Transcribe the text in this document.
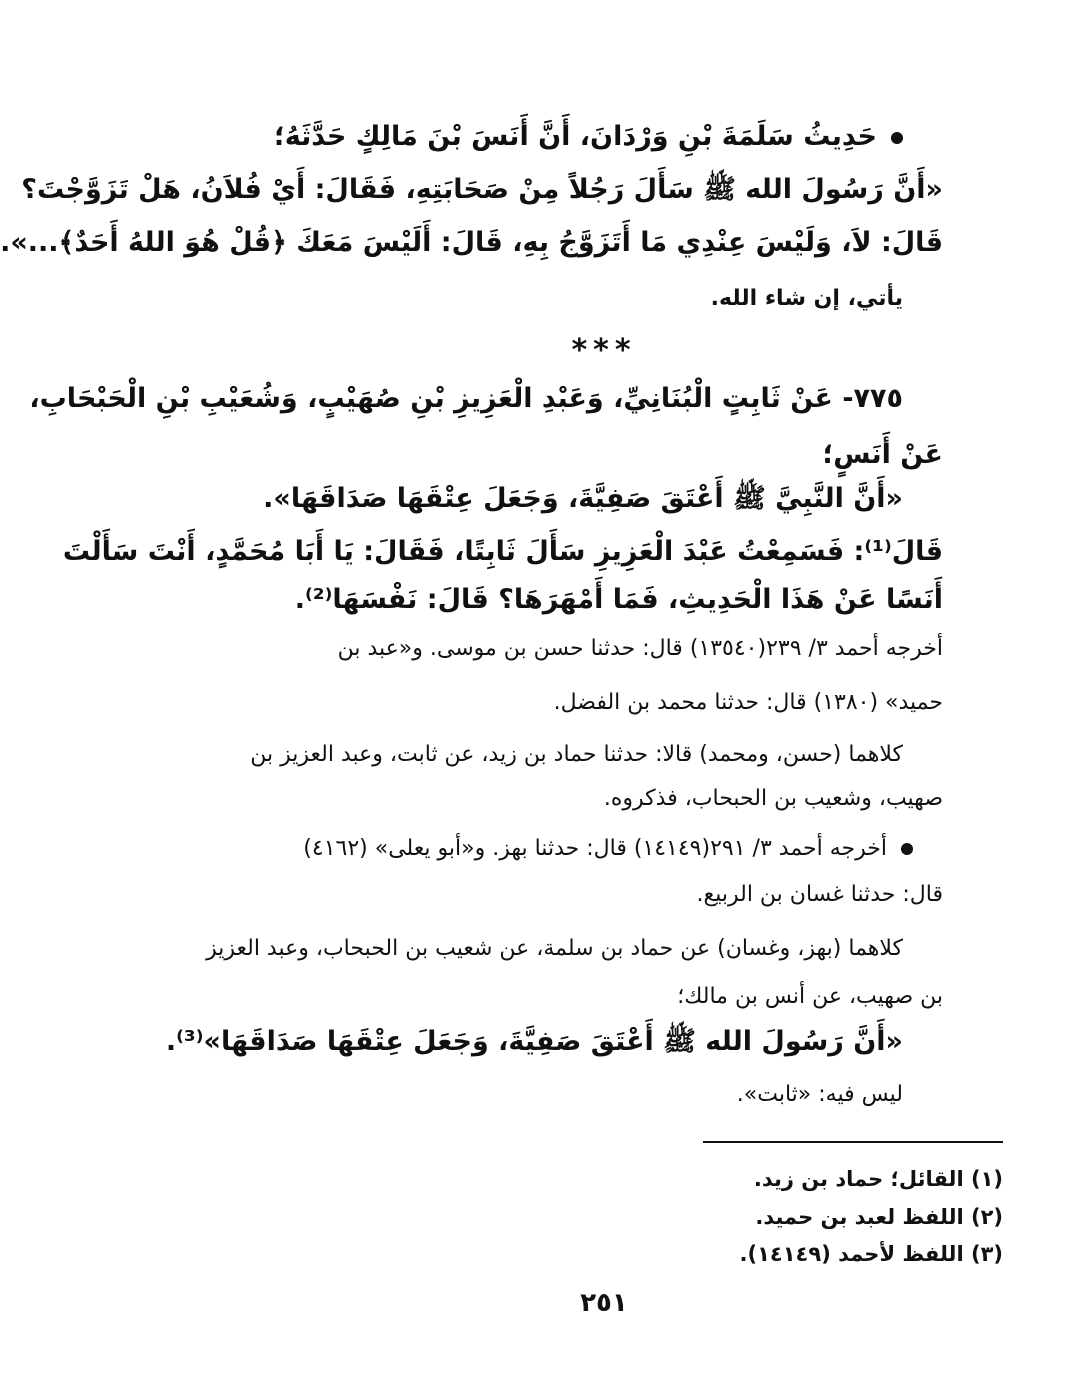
حَدِيثُ سَلَمَةَ بْنِ وَرْدَانَ، أَنَّ أَنَسَ بْنَ مَالِكٍ حَدَّثَهُ؛
«أَنَّ رَسُولَ الله ﷺ سَأَلَ رَجُلاً مِنْ صَحَابَتِهِ، فَقَالَ: أَيْ فُلاَنُ، هَلْ تَزَوَّجْتَ؟
قَالَ: لاَ، وَلَيْسَ عِنْدِي مَا أَتَزَوَّجُ بِهِ، قَالَ: أَلَيْسَ مَعَكَ ﴿قُلْ هُوَ اللهُ أَحَدٌ﴾...».
يأتي، إن شاء الله.
***
٧٧٥- عَنْ ثَابِتٍ الْبُنَانِيِّ، وَعَبْدِ الْعَزِيزِ بْنِ صُهَيْبٍ، وَشُعَيْبِ بْنِ الْحَبْحَابِ،
عَنْ أَنَسٍ؛
«أَنَّ النَّبِيَّ ﷺ أَعْتَقَ صَفِيَّةَ، وَجَعَلَ عِتْقَهَا صَدَاقَهَا».
قَالَ⁽¹⁾: فَسَمِعْتُ عَبْدَ الْعَزِيزِ سَأَلَ ثَابِتًا، فَقَالَ: يَا أَبَا مُحَمَّدٍ، أَنْتَ سَأَلْتَ
أَنَسًا عَنْ هَذَا الْحَدِيثِ، فَمَا أَمْهَرَهَا؟ قَالَ: نَفْسَهَا⁽²⁾.
أخرجه أحمد ٣/ ٢٣٩(١٣٥٤٠) قال: حدثنا حسن بن موسى. و«عبد بن
حميد» (١٣٨٠) قال: حدثنا محمد بن الفضل.
كلاهما (حسن، ومحمد) قالا: حدثنا حماد بن زيد، عن ثابت، وعبد العزيز بن
صهيب، وشعيب بن الحبحاب، فذكروه.
أخرجه أحمد ٣/ ٢٩١(١٤١٤٩) قال: حدثنا بهز. و«أبو يعلى» (٤١٦٢)
قال: حدثنا غسان بن الربيع.
كلاهما (بهز، وغسان) عن حماد بن سلمة، عن شعيب بن الحبحاب، وعبد العزيز
بن صهيب، عن أنس بن مالك؛
«أَنَّ رَسُولَ الله ﷺ أَعْتَقَ صَفِيَّةَ، وَجَعَلَ عِتْقَهَا صَدَاقَهَا»⁽³⁾.
ليس فيه: «ثابت».
(١) القائل؛ حماد بن زيد.
(٢) اللفظ لعبد بن حميد.
(٣) اللفظ لأحمد (١٤١٤٩).
٢٥١
